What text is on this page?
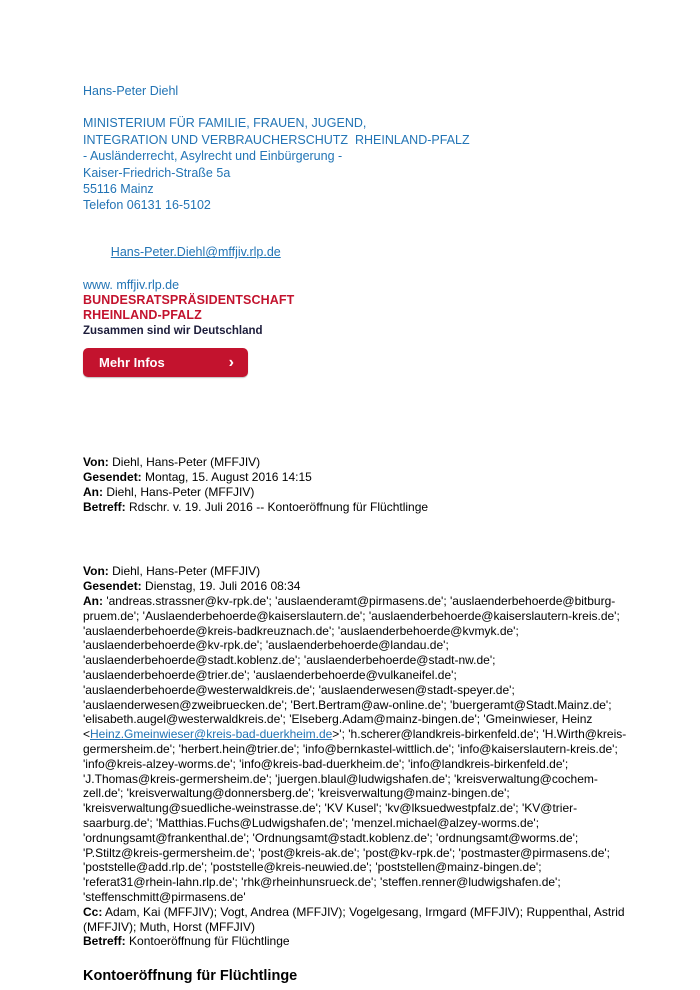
Hans-Peter Diehl
MINISTERIUM FÜR FAMILIE, FRAUEN, JUGEND,
INTEGRATION UND VERBRAUCHERSCHUTZ  RHEINLAND-PFALZ
- Ausländerrecht, Asylrecht und Einbürgerung -
Kaiser-Friedrich-Straße 5a
55116 Mainz
Telefon 06131 16-5102

Hans-Peter.Diehl@mffjiv.rlp.de

www. mffjiv.rlp.de
BUNDESRATSPRÄSIDENTSCHAFT
RHEINLAND-PFALZ
Zusammen sind wir Deutschland
Mehr Infos	›
Von: Diehl, Hans-Peter (MFFJIV)
Gesendet: Montag, 15. August 2016 14:15
An: Diehl, Hans-Peter (MFFJIV)
Betreff: Rdschr. v. 19. Juli 2016 -- Kontoeröffnung für Flüchtlinge
Von: Diehl, Hans-Peter (MFFJIV)
Gesendet: Dienstag, 19. Juli 2016 08:34
An: 'andreas.strassner@kv-rpk.de'; 'auslaenderamt@pirmasens.de'; 'auslaenderbehoerde@bitburg-pruem.de'; 'Auslaenderbehoerde@kaiserslautern.de'; 'auslaenderbehoerde@kaiserslautern-kreis.de'; 'auslaenderbehoerde@kreis-badkreuznach.de'; 'auslaenderbehoerde@kvmyk.de'; 'auslaenderbehoerde@kv-rpk.de'; 'auslaenderbehoerde@landau.de'; 'auslaenderbehoerde@stadt.koblenz.de'; 'auslaenderbehoerde@stadt-nw.de'; 'auslaenderbehoerde@trier.de'; 'auslaenderbehoerde@vulkaneifel.de'; 'auslaenderbehoerde@westerwaldkreis.de'; 'auslaenderwesen@stadt-speyer.de'; 'auslaenderwesen@zweibruecken.de'; 'Bert.Bertram@aw-online.de'; 'buergeramt@Stadt.Mainz.de'; 'elisabeth.augel@westerwaldkreis.de'; 'Elseberg.Adam@mainz-bingen.de'; 'Gmeinwieser, Heinz <Heinz.Gmeinwieser@kreis-bad-duerkheim.de>'; 'h.scherer@landkreis-birkenfeld.de'; 'H.Wirth@kreis-germersheim.de'; 'herbert.hein@trier.de'; 'info@bernkastel-wittlich.de'; 'info@kaiserslautern-kreis.de'; 'info@kreis-alzey-worms.de'; 'info@kreis-bad-duerkheim.de'; 'info@landkreis-birkenfeld.de'; 'J.Thomas@kreis-germersheim.de'; 'juergen.blaul@ludwigshafen.de'; 'kreisverwaltung@cochem-zell.de'; 'kreisverwaltung@donnersberg.de'; 'kreisverwaltung@mainz-bingen.de'; 'kreisverwaltung@suedliche-weinstrasse.de'; 'KV Kusel'; 'kv@lksuedwestpfalz.de'; 'KV@trier-saarburg.de'; 'Matthias.Fuchs@Ludwigshafen.de'; 'menzel.michael@alzey-worms.de'; 'ordnungsamt@frankenthal.de'; 'Ordnungsamt@stadt.koblenz.de'; 'ordnungsamt@worms.de'; 'P.Stiltz@kreis-germersheim.de'; 'post@kreis-ak.de'; 'post@kv-rpk.de'; 'postmaster@pirmasens.de'; 'poststelle@add.rlp.de'; 'poststelle@kreis-neuwied.de'; 'poststellen@mainz-bingen.de'; 'referat31@rhein-lahn.rlp.de'; 'rhk@rheinhunsrueck.de'; 'steffen.renner@ludwigshafen.de'; 'steffenschmitt@pirmasens.de'
Cc: Adam, Kai (MFFJIV); Vogt, Andrea (MFFJIV); Vogelgesang, Irmgard (MFFJIV); Ruppenthal, Astrid (MFFJIV); Muth, Horst (MFFJIV)
Betreff: Kontoeröffnung für Flüchtlinge
Kontoeröffnung für Flüchtlinge
